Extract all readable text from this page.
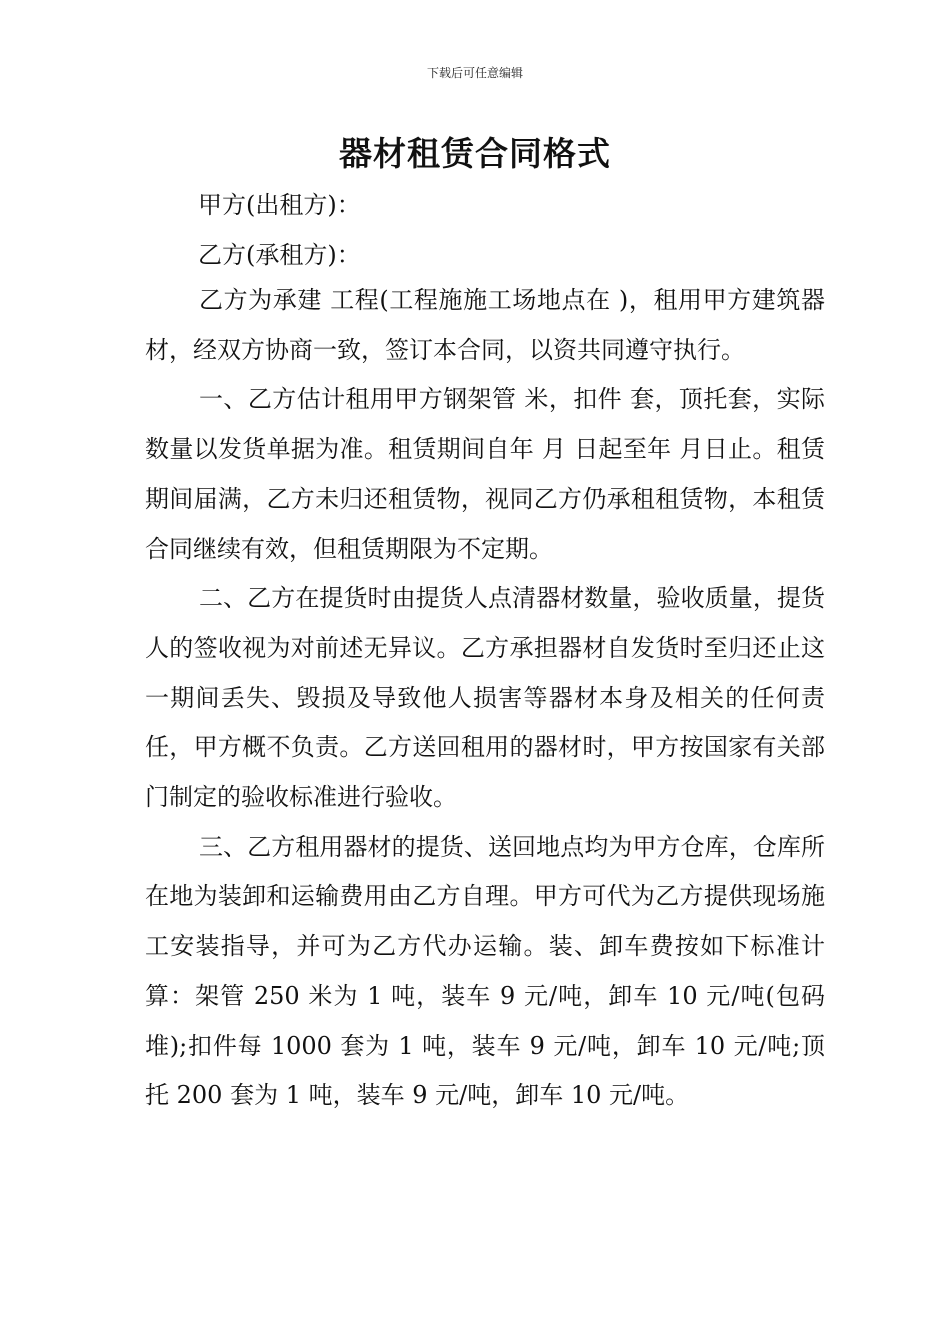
下载后可任意编辑
器材租赁合同格式
甲方(出租方)：
乙方(承租方)：

乙方为承建 工程(工程施施工场地点在 )，租用甲方建筑器材，经双方协商一致，签订本合同，以资共同遵守执行。

一、乙方估计租用甲方钢架管 米，扣件 套，顶托套，实际数量以发货单据为准。租赁期间自年 月 日起至年 月日止。租赁期间届满，乙方未归还租赁物，视同乙方仍承租租赁物，本租赁合同继续有效，但租赁期限为不定期。

二、乙方在提货时由提货人点清器材数量，验收质量，提货人的签收视为对前述无异议。乙方承担器材自发货时至归还止这一期间丢失、毁损及导致他人损害等器材本身及相关的任何责任，甲方概不负责。乙方送回租用的器材时，甲方按国家有关部门制定的验收标准进行验收。

三、乙方租用器材的提货、送回地点均为甲方仓库，仓库所在地为装卸和运输费用由乙方自理。甲方可代为乙方提供现场施工安装指导，并可为乙方代办运输。装、卸车费按如下标准计算：架管 250 米为 1 吨，装车 9 元/吨，卸车 10 元/吨(包码堆);扣件每 1000 套为 1 吨，装车 9 元/吨，卸车 10 元/吨;顶托 200 套为 1 吨，装车 9 元/吨，卸车 10 元/吨。
